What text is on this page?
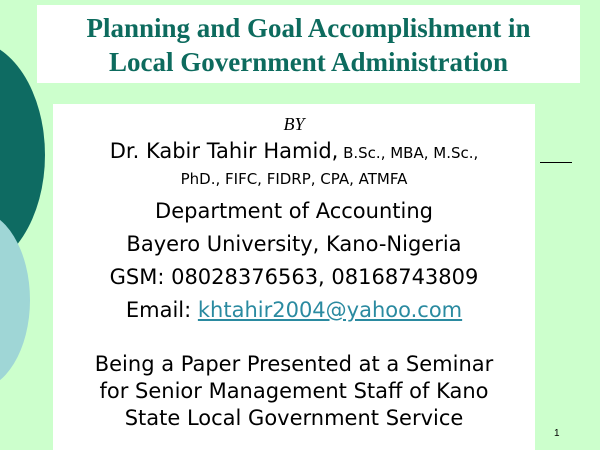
Planning and Goal Accomplishment in
Local Government Administration

BY
Dr. Kabir Tahir Hamid, B.Sc., MBA, M.Sc.,
PhD., FIFC, FIDRP, CPA, ATMFA
Department of Accounting
Bayero University, Kano-Nigeria
GSM: 08028376563, 08168743809
Email: khtahir2004@yahoo.com
Being a Paper Presented at a Seminar
for Senior Management Staff of Kano
State Local Government Service
1
